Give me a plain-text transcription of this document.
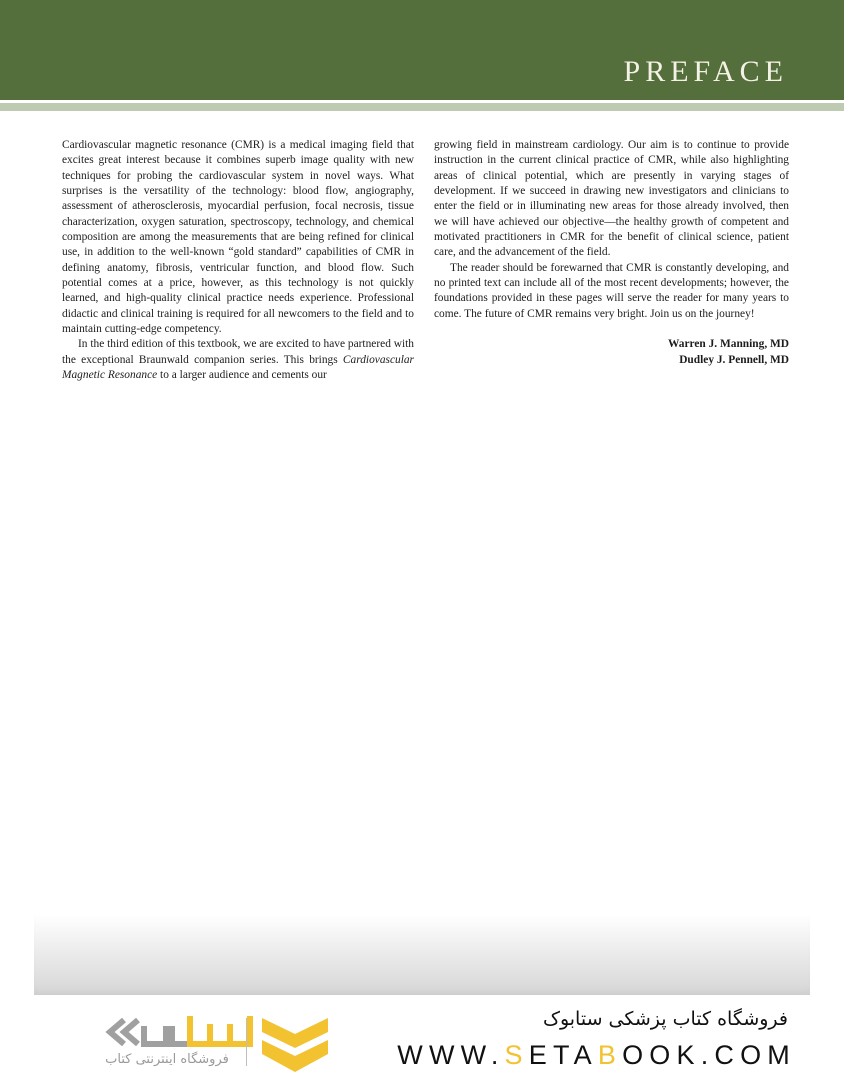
PREFACE

Cardiovascular magnetic resonance (CMR) is a medical imaging field that excites great interest because it combines superb image quality with new techniques for probing the cardiovascular system in novel ways. What surprises is the versatility of the technology: blood flow, angiography, assessment of atherosclerosis, myocardial perfusion, focal necrosis, tissue characterization, oxygen saturation, spectroscopy, technology, and chemical composition are among the measurements that are being refined for clinical use, in addition to the well-known “gold standard” capabilities of CMR in defining anatomy, fibrosis, ventricular function, and blood flow. Such potential comes at a price, however, as this technology is not quickly learned, and high-quality clinical practice needs experience. Professional didactic and clinical training is required for all newcomers to the field and to maintain cutting-edge competency.

In the third edition of this textbook, we are excited to have partnered with the exceptional Braunwald companion series. This brings Cardiovascular Magnetic Resonance to a larger audience and cements our

growing field in mainstream cardiology. Our aim is to continue to provide instruction in the current clinical practice of CMR, while also highlighting areas of clinical potential, which are presently in varying stages of development. If we succeed in drawing new investigators and clinicians to enter the field or in illuminating new areas for those already involved, then we will have achieved our objective—the healthy growth of competent and motivated practitioners in CMR for the benefit of clinical science, patient care, and the advancement of the field.

The reader should be forewarned that CMR is constantly developing, and no printed text can include all of the most recent developments; however, the foundations provided in these pages will serve the reader for many years to come. The future of CMR remains very bright. Join us on the journey!

Warren J. Manning, MD
Dudley J. Pennell, MD
فروشگاه اینترنتی کتاب
فروشگاه کتاب پزشکی ستابوک
WWW.SETABOOK.COM
